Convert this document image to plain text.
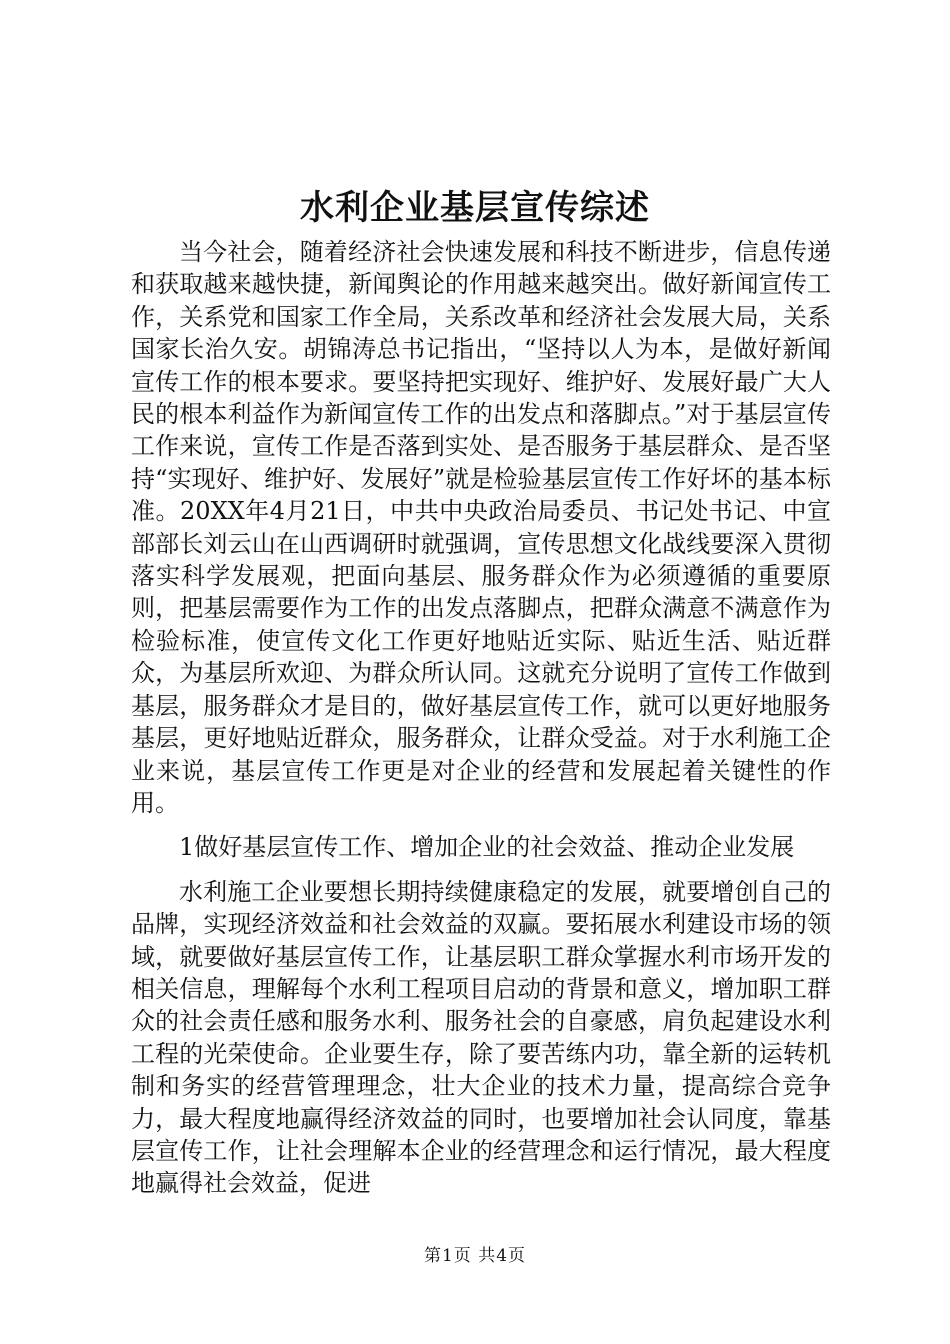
水利企业基层宣传综述

当今社会，随着经济社会快速发展和科技不断进步，信息传递和获取越来越快捷，新闻舆论的作用越来越突出。做好新闻宣传工作，关系党和国家工作全局，关系改革和经济社会发展大局，关系国家长治久安。胡锦涛总书记指出，“坚持以人为本，是做好新闻宣传工作的根本要求。要坚持把实现好、维护好、发展好最广大人民的根本利益作为新闻宣传工作的出发点和落脚点。”对于基层宣传工作来说，宣传工作是否落到实处、是否服务于基层群众、是否坚持“实现好、维护好、发展好”就是检验基层宣传工作好坏的基本标准。20XX年4月21日，中共中央政治局委员、书记处书记、中宣部部长刘云山在山西调研时就强调，宣传思想文化战线要深入贯彻落实科学发展观，把面向基层、服务群众作为必须遵循的重要原则，把基层需要作为工作的出发点落脚点，把群众满意不满意作为检验标准，使宣传文化工作更好地贴近实际、贴近生活、贴近群众，为基层所欢迎、为群众所认同。这就充分说明了宣传工作做到基层，服务群众才是目的，做好基层宣传工作，就可以更好地服务基层，更好地贴近群众，服务群众，让群众受益。对于水利施工企业来说，基层宣传工作更是对企业的经营和发展起着关键性的作用。

1做好基层宣传工作、增加企业的社会效益、推动企业发展

水利施工企业要想长期持续健康稳定的发展，就要增创自己的品牌，实现经济效益和社会效益的双赢。要拓展水利建设市场的领域，就要做好基层宣传工作，让基层职工群众掌握水利市场开发的相关信息，理解每个水利工程项目启动的背景和意义，增加职工群众的社会责任感和服务水利、服务社会的自豪感，肩负起建设水利工程的光荣使命。企业要生存，除了要苦练内功，靠全新的运转机制和务实的经营管理理念，壮大企业的技术力量，提高综合竞争力，最大程度地赢得经济效益的同时，也要增加社会认同度，靠基层宣传工作，让社会理解本企业的经营理念和运行情况，最大程度地赢得社会效益，促进

第1页 共4页
